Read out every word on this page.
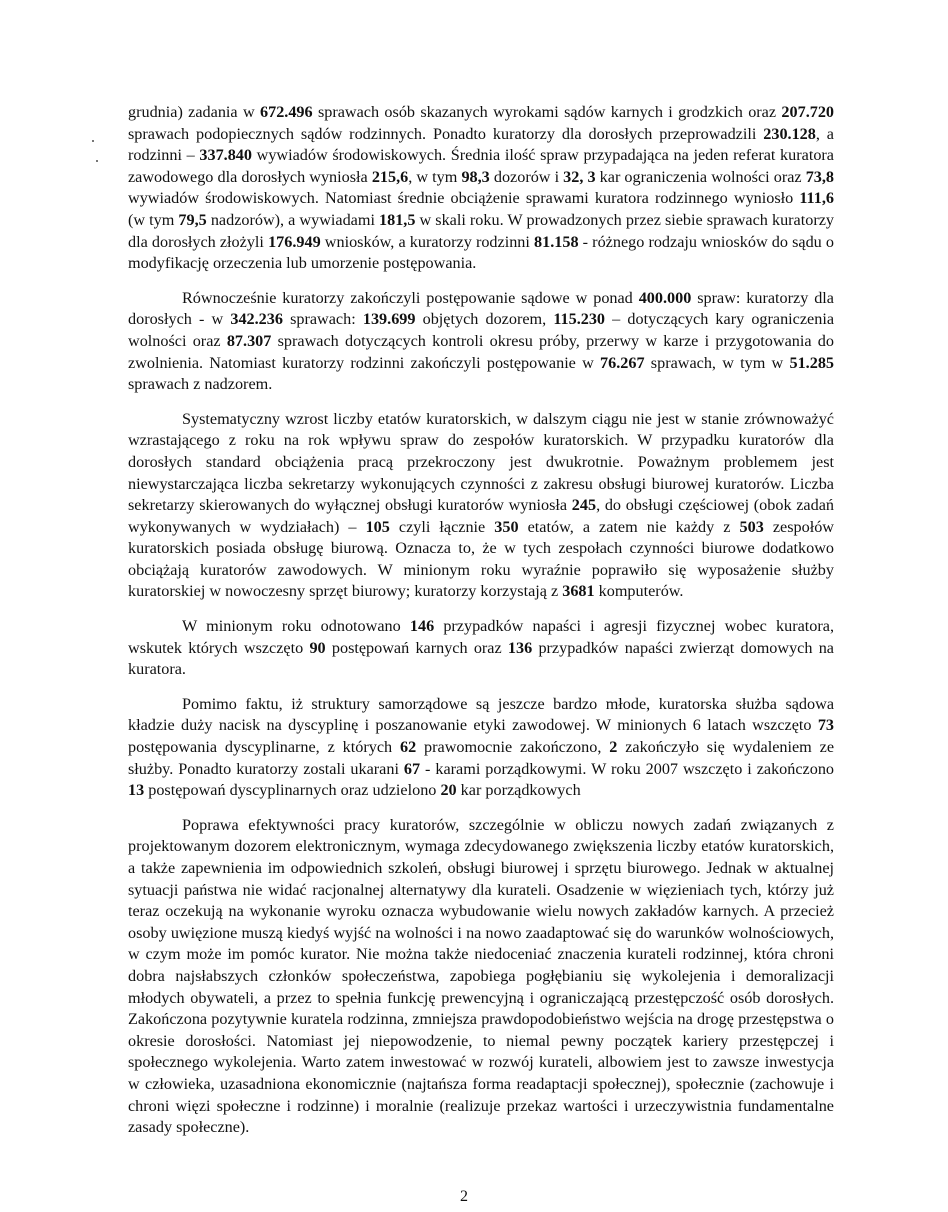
grudnia) zadania w 672.496 sprawach osób skazanych wyrokami sądów karnych i grodzkich oraz 207.720 sprawach podopiecznych sądów rodzinnych. Ponadto kuratorzy dla dorosłych przeprowadzili 230.128, a rodzinni – 337.840 wywiadów środowiskowych. Średnia ilość spraw przypadająca na jeden referat kuratora zawodowego dla dorosłych wyniosła 215,6, w tym 98,3 dozorów i 32, 3 kar ograniczenia wolności oraz 73,8 wywiadów środowiskowych. Natomiast średnie obciążenie sprawami kuratora rodzinnego wyniosło 111,6 (w tym 79,5 nadzorów), a wywiadami 181,5 w skali roku. W prowadzonych przez siebie sprawach kuratorzy dla dorosłych złożyli 176.949 wniosków, a kuratorzy rodzinni 81.158 - różnego rodzaju wniosków do sądu o modyfikację orzeczenia lub umorzenie postępowania.

Równocześnie kuratorzy zakończyli postępowanie sądowe w ponad 400.000 spraw: kuratorzy dla dorosłych - w 342.236 sprawach: 139.699 objętych dozorem, 115.230 – dotyczących kary ograniczenia wolności oraz 87.307 sprawach dotyczących kontroli okresu próby, przerwy w karze i przygotowania do zwolnienia. Natomiast kuratorzy rodzinni zakończyli postępowanie w 76.267 sprawach, w tym w 51.285 sprawach z nadzorem.

Systematyczny wzrost liczby etatów kuratorskich, w dalszym ciągu nie jest w stanie zrównoważyć wzrastającego z roku na rok wpływu spraw do zespołów kuratorskich. W przypadku kuratorów dla dorosłych standard obciążenia pracą przekroczony jest dwukrotnie. Poważnym problemem jest niewystarczająca liczba sekretarzy wykonujących czynności z zakresu obsługi biurowej kuratorów. Liczba sekretarzy skierowanych do wyłącznej obsługi kuratorów wyniosła 245, do obsługi częściowej (obok zadań wykonywanych w wydziałach) – 105 czyli łącznie 350 etatów, a zatem nie każdy z 503 zespołów kuratorskich posiada obsługę biurową. Oznacza to, że w tych zespołach czynności biurowe dodatkowo obciążają kuratorów zawodowych. W minionym roku wyraźnie poprawiło się wyposażenie służby kuratorskiej w nowoczesny sprzęt biurowy; kuratorzy korzystają z 3681 komputerów.

W minionym roku odnotowano 146 przypadków napaści i agresji fizycznej wobec kuratora, wskutek których wszczęto 90 postępowań karnych oraz 136 przypadków napaści zwierząt domowych na kuratora.

Pomimo faktu, iż struktury samorządowe są jeszcze bardzo młode, kuratorska służba sądowa kładzie duży nacisk na dyscyplinę i poszanowanie etyki zawodowej. W minionych 6 latach wszczęto 73 postępowania dyscyplinarne, z których 62 prawomocnie zakończono, 2 zakończyło się wydaleniem ze służby. Ponadto kuratorzy zostali ukarani 67 - karami porządkowymi. W roku 2007 wszczęto i zakończono 13 postępowań dyscyplinarnych oraz udzielono 20 kar porządkowych

Poprawa efektywności pracy kuratorów, szczególnie w obliczu nowych zadań związanych z projektowanym dozorem elektronicznym, wymaga zdecydowanego zwiększenia liczby etatów kuratorskich, a także zapewnienia im odpowiednich szkoleń, obsługi biurowej i sprzętu biurowego. Jednak w aktualnej sytuacji państwa nie widać racjonalnej alternatywy dla kurateli. Osadzenie w więzieniach tych, którzy już teraz oczekują na wykonanie wyroku oznacza wybudowanie wielu nowych zakładów karnych. A przecież osoby uwięzione muszą kiedyś wyjść na wolności i na nowo zaadaptować się do warunków wolnościowych, w czym może im pomóc kurator. Nie można także niedoceniać znaczenia kurateli rodzinnej, która chroni dobra najsłabszych członków społeczeństwa, zapobiega pogłębianiu się wykolejenia i demoralizacji młodych obywateli, a przez to spełnia funkcję prewencyjną i ograniczającą przestępczość osób dorosłych. Zakończona pozytywnie kuratela rodzinna, zmniejsza prawdopodobieństwo wejścia na drogę przestępstwa o okresie dorosłości. Natomiast jej niepowodzenie, to niemal pewny początek kariery przestępczej i społecznego wykolejenia. Warto zatem inwestować w rozwój kurateli, albowiem jest to zawsze inwestycja w człowieka, uzasadniona ekonomicznie (najtańsza forma readaptacji społecznej), społecznie (zachowuje i chroni więzi społeczne i rodzinne) i moralnie (realizuje przekaz wartości i urzeczywistnia fundamentalne zasady społeczne).

2
